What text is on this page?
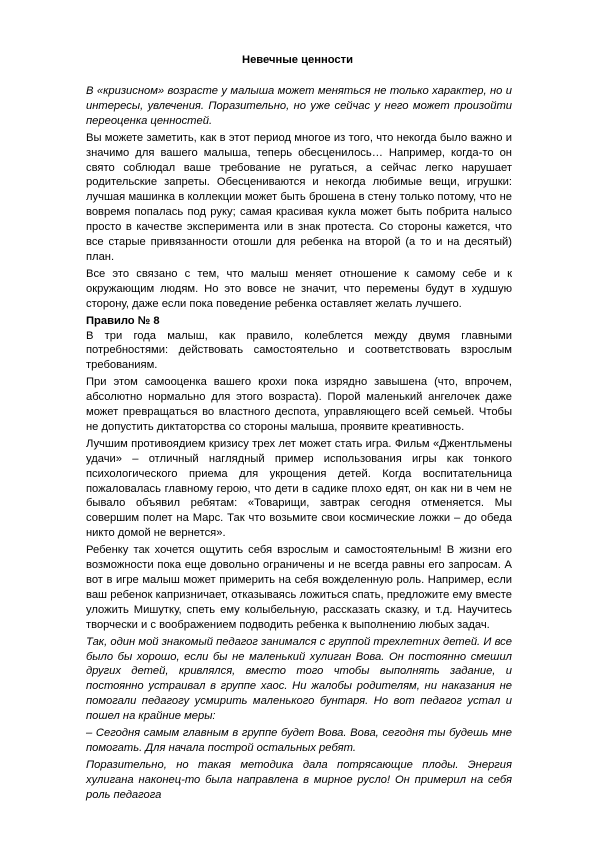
Невечные ценности

В «кризисном» возрасте у малыша может меняться не только характер, но и интересы, увлечения. Поразительно, но уже сейчас у него может произойти переоценка ценностей.

Вы можете заметить, как в этот период многое из того, что некогда было важно и значимо для вашего малыша, теперь обесценилось… Например, когда-то он свято соблюдал ваше требование не ругаться, а сейчас легко нарушает родительские запреты. Обесцениваются и некогда любимые вещи, игрушки: лучшая машинка в коллекции может быть брошена в стену только потому, что не вовремя попалась под руку; самая красивая кукла может быть побрита налысо просто в качестве эксперимента или в знак протеста. Со стороны кажется, что все старые привязанности отошли для ребенка на второй (а то и на десятый) план.

Все это связано с тем, что малыш меняет отношение к самому себе и к окружающим людям. Но это вовсе не значит, что перемены будут в худшую сторону, даже если пока поведение ребенка оставляет желать лучшего.

Правило № 8

В три года малыш, как правило, колеблется между двумя главными потребностями: действовать самостоятельно и соответствовать взрослым требованиям.

При этом самооценка вашего крохи пока изрядно завышена (что, впрочем, абсолютно нормально для этого возраста). Порой маленький ангелочек даже может превращаться во властного деспота, управляющего всей семьей. Чтобы не допустить диктаторства со стороны малыша, проявите креативность.

Лучшим противоядием кризису трех лет может стать игра. Фильм «Джентльмены удачи» – отличный наглядный пример использования игры как тонкого психологического приема для укрощения детей. Когда воспитательница пожаловалась главному герою, что дети в садике плохо едят, он как ни в чем не бывало объявил ребятам: «Товарищи, завтрак сегодня отменяется. Мы совершим полет на Марс. Так что возьмите свои космические ложки – до обеда никто домой не вернется».

Ребенку так хочется ощутить себя взрослым и самостоятельным! В жизни его возможности пока еще довольно ограничены и не всегда равны его запросам. А вот в игре малыш может примерить на себя вожделенную роль. Например, если ваш ребенок капризничает, отказываясь ложиться спать, предложите ему вместе уложить Мишутку, спеть ему колыбельную, рассказать сказку, и т.д. Научитесь творчески и с воображением подводить ребенка к выполнению любых задач.

Так, один мой знакомый педагог занимался с группой трехлетних детей. И все было бы хорошо, если бы не маленький хулиган Вова. Он постоянно смешил других детей, кривлялся, вместо того чтобы выполнять задание, и постоянно устраивал в группе хаос. Ни жалобы родителям, ни наказания не помогали педагогу усмирить маленького бунтаря. Но вот педагог устал и пошел на крайние меры:

– Сегодня самым главным в группе будет Вова. Вова, сегодня ты будешь мне помогать. Для начала построй остальных ребят.

Поразительно, но такая методика дала потрясающие плоды. Энергия хулигана наконец-то была направлена в мирное русло! Он примерил на себя роль педагога
